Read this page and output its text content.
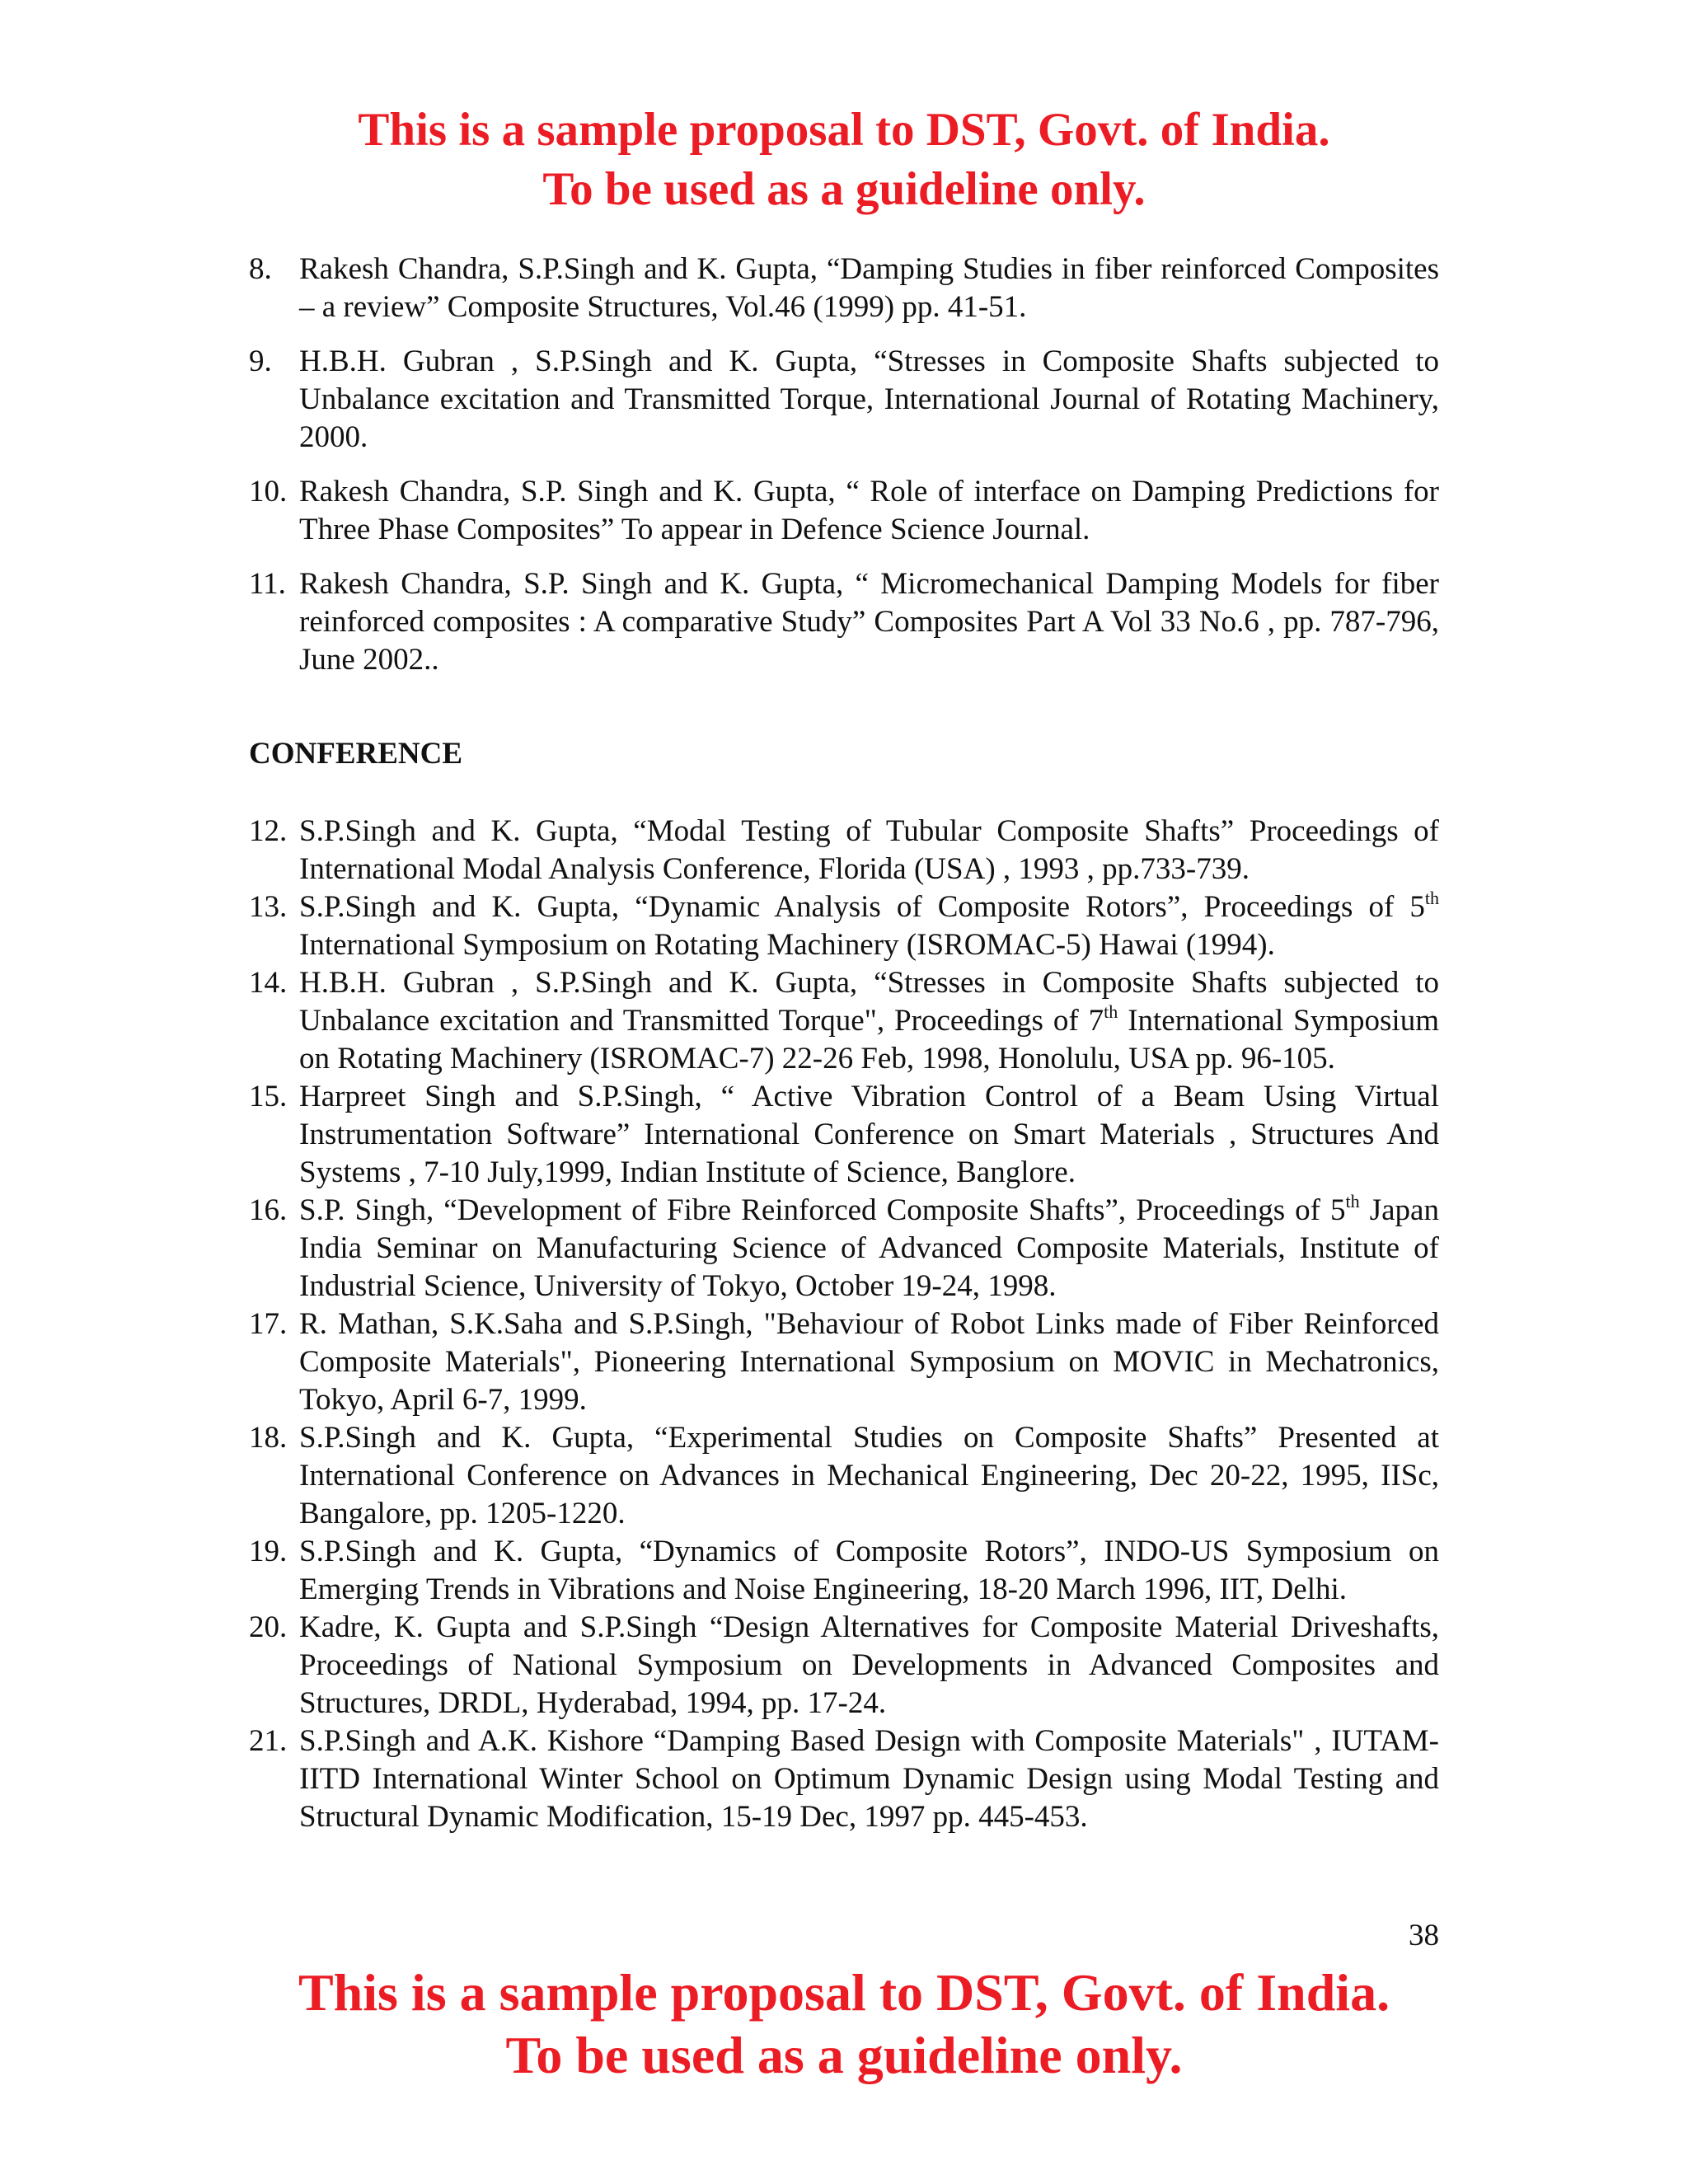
This is a sample proposal to DST, Govt. of India.
To be used as a guideline only.
8. Rakesh Chandra, S.P.Singh and K. Gupta, “Damping Studies in fiber reinforced Composites – a review” Composite Structures, Vol.46 (1999) pp. 41-51.
9. H.B.H. Gubran , S.P.Singh and K. Gupta, “Stresses in Composite Shafts subjected to Unbalance excitation and Transmitted Torque, International Journal of Rotating Machinery, 2000.
10. Rakesh Chandra, S.P. Singh and K. Gupta, “ Role of interface on Damping Predictions for Three Phase Composites” To appear in Defence Science Journal.
11. Rakesh Chandra, S.P. Singh and K. Gupta, “ Micromechanical Damping Models for fiber reinforced composites : A comparative Study” Composites Part A Vol 33 No.6 , pp. 787-796, June 2002..
CONFERENCE
12. S.P.Singh and K. Gupta, “Modal Testing of Tubular Composite Shafts” Proceedings of International Modal Analysis Conference, Florida (USA) , 1993 , pp.733-739.
13. S.P.Singh and K. Gupta, “Dynamic Analysis of Composite Rotors”, Proceedings of 5th International Symposium on Rotating Machinery (ISROMAC-5) Hawai (1994).
14. H.B.H. Gubran , S.P.Singh and K. Gupta, “Stresses in Composite Shafts subjected to Unbalance excitation and Transmitted Torque", Proceedings of 7th International Symposium on Rotating Machinery (ISROMAC-7) 22-26 Feb, 1998, Honolulu, USA pp. 96-105.
15. Harpreet Singh and S.P.Singh, “ Active Vibration Control of a Beam Using Virtual Instrumentation Software” International Conference on Smart Materials , Structures And Systems , 7-10 July,1999, Indian Institute of Science, Banglore.
16. S.P. Singh, “Development of Fibre Reinforced Composite Shafts”, Proceedings of 5th Japan India Seminar on Manufacturing Science of Advanced Composite Materials, Institute of Industrial Science, University of Tokyo, October 19-24, 1998.
17. R. Mathan, S.K.Saha and S.P.Singh, "Behaviour of Robot Links made of Fiber Reinforced Composite Materials", Pioneering International Symposium on MOVIC in Mechatronics, Tokyo, April 6-7, 1999.
18. S.P.Singh and K. Gupta, “Experimental Studies on Composite Shafts” Presented at International Conference on Advances in Mechanical Engineering, Dec 20-22, 1995, IISc, Bangalore, pp. 1205-1220.
19. S.P.Singh and K. Gupta, “Dynamics of Composite Rotors”, INDO-US Symposium on Emerging Trends in Vibrations and Noise Engineering, 18-20 March 1996, IIT, Delhi.
20. Kadre, K. Gupta and S.P.Singh “Design Alternatives for Composite Material Driveshafts, Proceedings of National Symposium on Developments in Advanced Composites and Structures, DRDL, Hyderabad, 1994, pp. 17-24.
21. S.P.Singh and A.K. Kishore “Damping Based Design with Composite Materials" , IUTAM-IITD International Winter School on Optimum Dynamic Design using Modal Testing and Structural Dynamic Modification, 15-19 Dec, 1997 pp. 445-453.
38
This is a sample proposal to DST, Govt. of India.
To be used as a guideline only.
